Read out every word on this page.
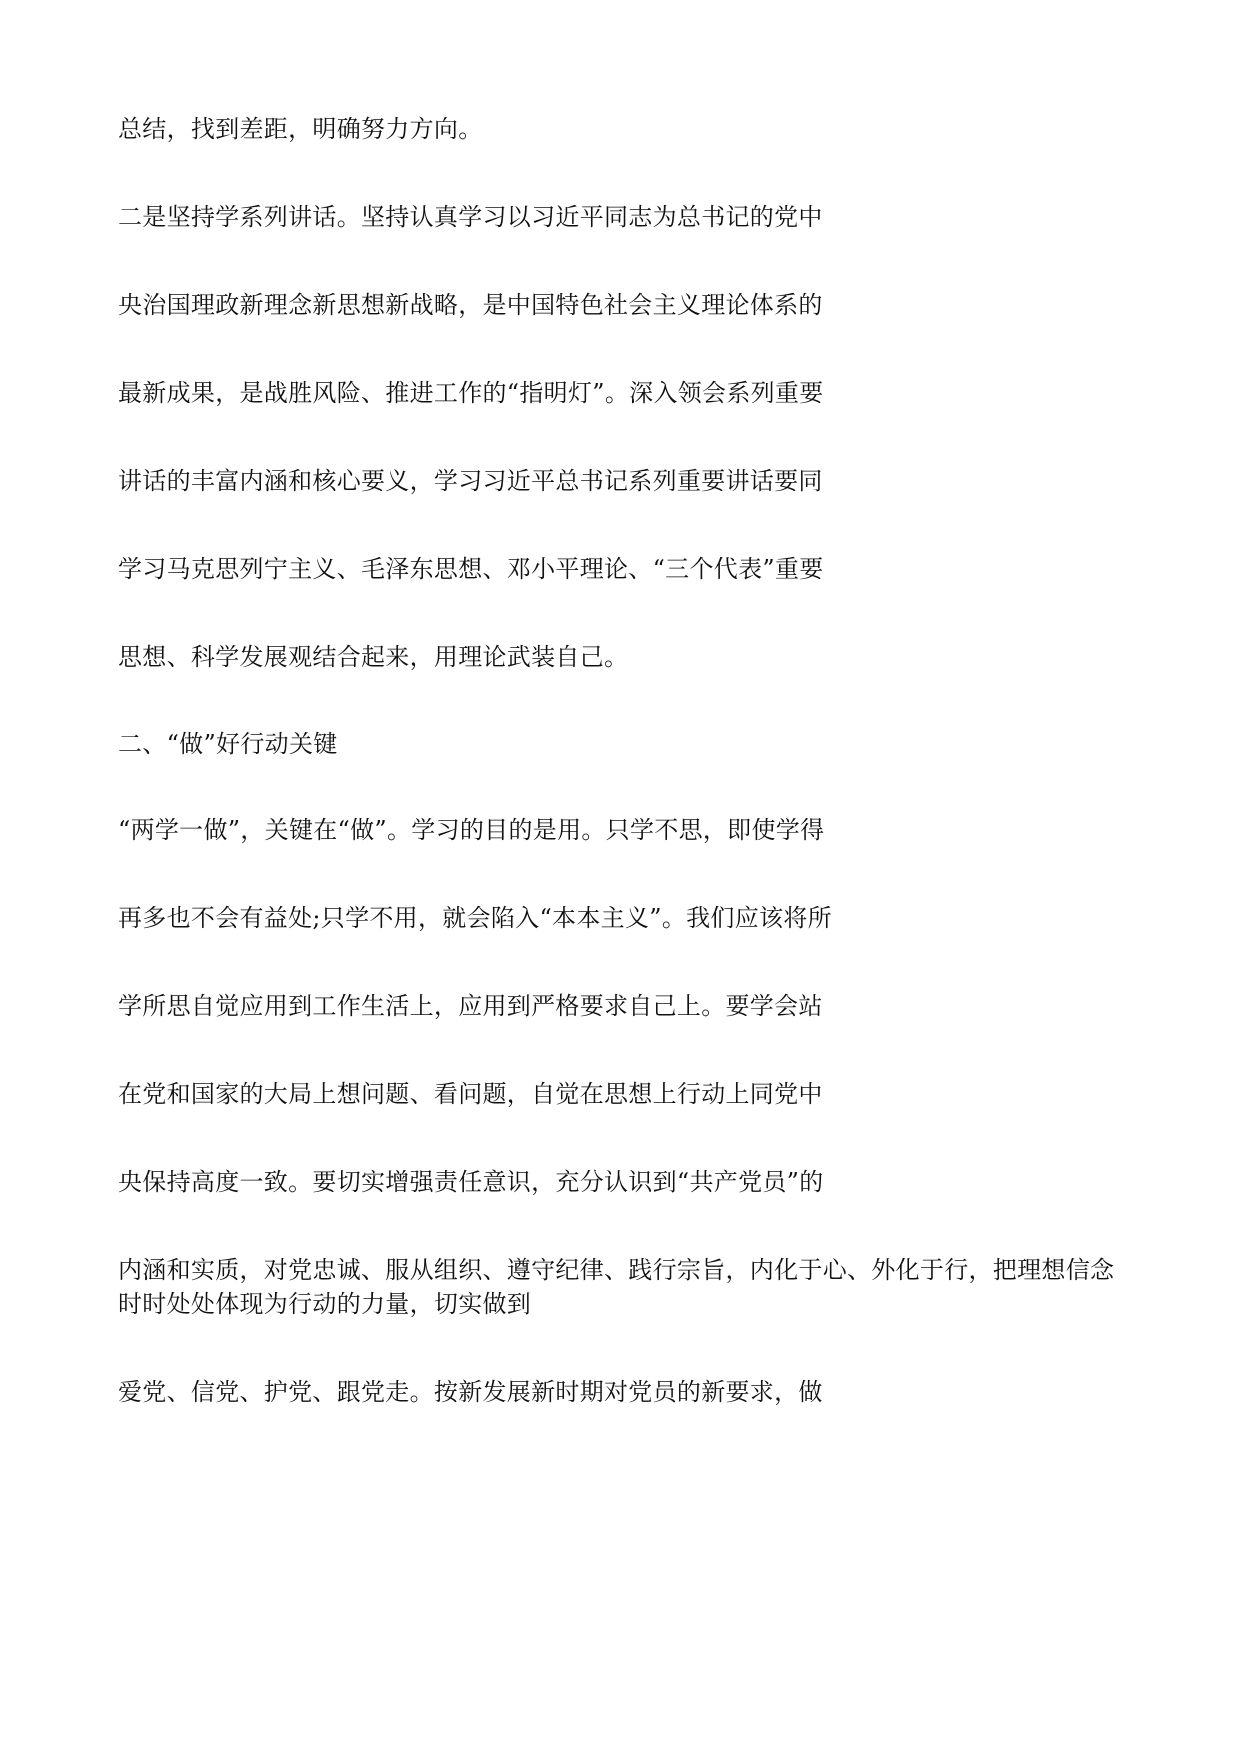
总结，找到差距，明确努力方向。
二是坚持学系列讲话。坚持认真学习以习近平同志为总书记的党中
央治国理政新理念新思想新战略，是中国特色社会主义理论体系的
最新成果，是战胜风险、推进工作的“指明灯”。深入领会系列重要
讲话的丰富内涵和核心要义，学习习近平总书记系列重要讲话要同
学习马克思列宁主义、毛泽东思想、邓小平理论、“三个代表”重要
思想、科学发展观结合起来，用理论武装自己。
二、“做”好行动关键
“两学一做”，关键在“做”。学习的目的是用。只学不思，即使学得
再多也不会有益处;只学不用，就会陷入“本本主义”。我们应该将所
学所思自觉应用到工作生活上，应用到严格要求自己上。要学会站
在党和国家的大局上想问题、看问题，自觉在思想上行动上同党中
央保持高度一致。要切实增强责任意识，充分认识到“共产党员”的
内涵和实质，对党忠诚、服从组织、遵守纪律、践行宗旨，内化于心、外化于行，把理想信念时时处处体现为行动的力量，切实做到
爱党、信党、护党、跟党走。按新发展新时期对党员的新要求，做
